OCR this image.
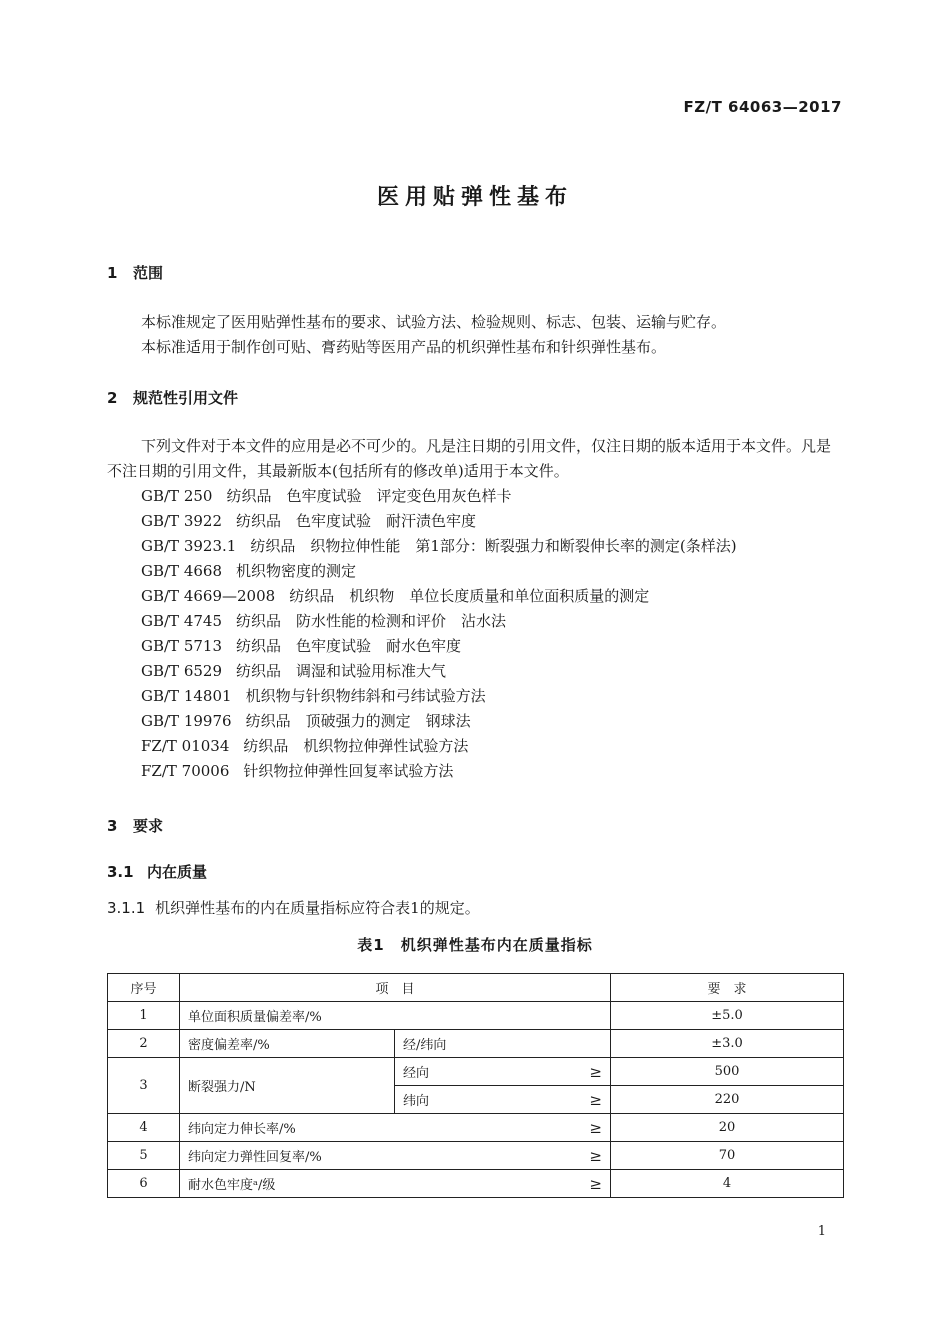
FZ/T 64063—2017
医用贴弹性基布
1 范围
本标准规定了医用贴弹性基布的要求、试验方法、检验规则、标志、包装、运输与贮存。
本标准适用于制作创可贴、膏药贴等医用产品的机织弹性基布和针织弹性基布。
2 规范性引用文件
下列文件对于本文件的应用是必不可少的。凡是注日期的引用文件，仅注日期的版本适用于本文件。凡是不注日期的引用文件，其最新版本(包括所有的修改单)适用于本文件。
GB/T 250 纺织品　色牢度试验　评定变色用灰色样卡
GB/T 3922 纺织品　色牢度试验　耐汗渍色牢度
GB/T 3923.1 纺织品　织物拉伸性能　第1部分：断裂强力和断裂伸长率的测定(条样法)
GB/T 4668 机织物密度的测定
GB/T 4669—2008 纺织品　机织物　单位长度质量和单位面积质量的测定
GB/T 4745 纺织品　防水性能的检测和评价　沾水法
GB/T 5713 纺织品　色牢度试验　耐水色牢度
GB/T 6529 纺织品　调湿和试验用标准大气
GB/T 14801 机织物与针织物纬斜和弓纬试验方法
GB/T 19976 纺织品　顶破强力的测定　钢球法
FZ/T 01034 纺织品　机织物拉伸弹性试验方法
FZ/T 70006 针织物拉伸弹性回复率试验方法
3 要求
3.1 内在质量
3.1.1 机织弹性基布的内在质量指标应符合表1的规定。
表1　机织弹性基布内在质量指标
序号	项　目			要　求
1	单位面积质量偏差率/%			±5.0
2	密度偏差率/%	经/纬向		±3.0
3	断裂强力/N	经向	≥	500
		纬向	≥	220
4	纬向定力伸长率/%		≥	20
5	纬向定力弹性回复率/%		≥	70
6	耐水色牢度ᵃ/级		≥	4
1
